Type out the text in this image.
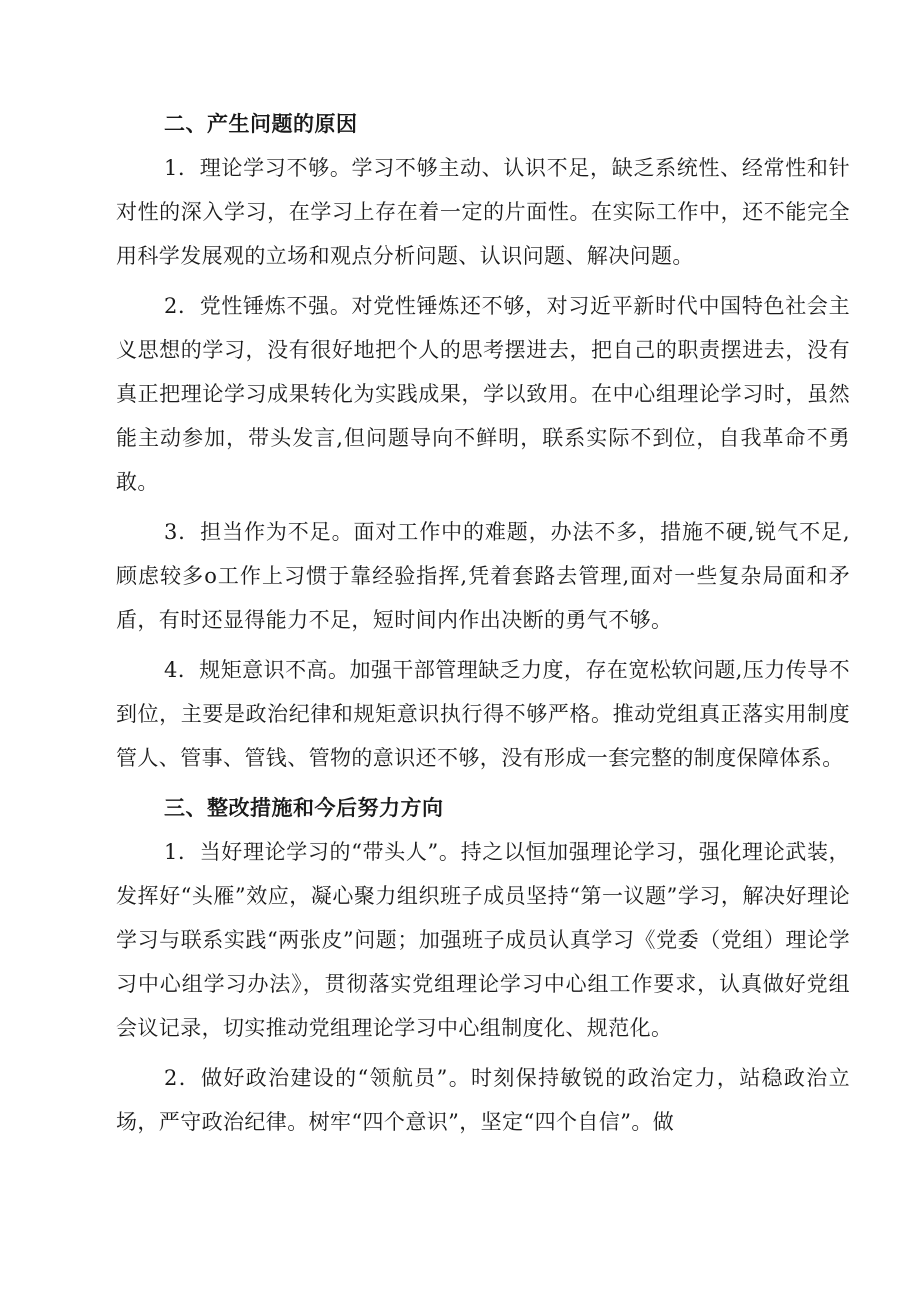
二、产生问题的原因

1．理论学习不够。学习不够主动、认识不足，缺乏系统性、经常性和针对性的深入学习，在学习上存在着一定的片面性。在实际工作中，还不能完全用科学发展观的立场和观点分析问题、认识问题、解决问题。

2．党性锤炼不强。对党性锤炼还不够，对习近平新时代中国特色社会主义思想的学习，没有很好地把个人的思考摆进去，把自己的职责摆进去，没有真正把理论学习成果转化为实践成果，学以致用。在中心组理论学习时，虽然能主动参加，带头发言,但问题导向不鲜明，联系实际不到位，自我革命不勇敢。

3．担当作为不足。面对工作中的难题，办法不多，措施不硬,锐气不足,顾虑较多o工作上习惯于靠经验指挥,凭着套路去管理,面对一些复杂局面和矛盾，有时还显得能力不足，短时间内作出决断的勇气不够。

4．规矩意识不高。加强干部管理缺乏力度，存在宽松软问题,压力传导不到位，主要是政治纪律和规矩意识执行得不够严格。推动党组真正落实用制度管人、管事、管钱、管物的意识还不够，没有形成一套完整的制度保障体系。

三、整改措施和今后努力方向

1．当好理论学习的“带头人”。持之以恒加强理论学习，强化理论武装，发挥好“头雁”效应，凝心聚力组织班子成员坚持“第一议题”学习，解决好理论学习与联系实践“两张皮”问题；加强班子成员认真学习《党委（党组）理论学习中心组学习办法》，贯彻落实党组理论学习中心组工作要求，认真做好党组会议记录，切实推动党组理论学习中心组制度化、规范化。

2．做好政治建设的“领航员”。时刻保持敏锐的政治定力，站稳政治立场，严守政治纪律。树牢“四个意识”，坚定“四个自信”。做
